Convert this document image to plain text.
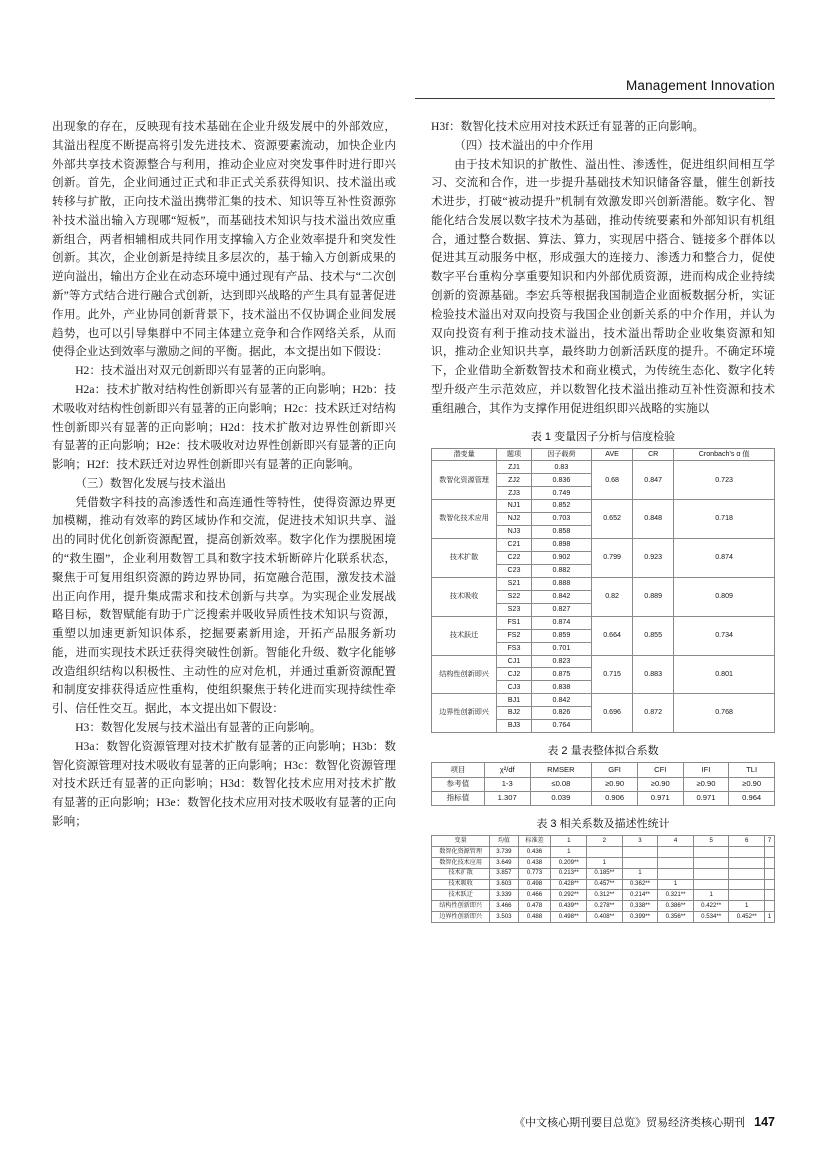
Management Innovation

出现象的存在，反映现有技术基础在企业升级发展中的外部效应，其溢出程度不断提高将引发先进技术、资源要素流动，加快企业内外部共享技术资源整合与利用，推动企业应对突发事件时进行即兴创新。首先，企业间通过正式和非正式关系获得知识、技术溢出或转移与扩散，正向技术溢出携带汇集的技术、知识等互补性资源弥补技术溢出输入方现哪“短板”，而基础技术知识与技术溢出效应重新组合，两者相辅相成共同作用支撑输入方企业效率提升和突发性创新。其次，企业创新是持续且多层次的，基于输入方创新成果的逆向溢出，输出方企业在动态环境中通过现有产品、技术与“二次创新”等方式结合进行融合式创新，达到即兴战略的产生具有显著促进作用。此外，产业协同创新背景下，技术溢出不仅协调企业间发展趋势，也可以引导集群中不同主体建立竞争和合作网络关系，从而使得企业达到效率与激励之间的平衡。据此，本文提出如下假设：

H2：技术溢出对双元创新即兴有显著的正向影响。

H2a：技术扩散对结构性创新即兴有显著的正向影响；H2b：技术吸收对结构性创新即兴有显著的正向影响；H2c：技术跃迁对结构性创新即兴有显著的正向影响；H2d：技术扩散对边界性创新即兴有显著的正向影响；H2e：技术吸收对边界性创新即兴有显著的正向影响；H2f：技术跃迁对边界性创新即兴有显著的正向影响。

（三）数智化发展与技术溢出

凭借数字科技的高渗透性和高连通性等特性，使得资源边界更加模糊，推动有效率的跨区域协作和交流，促进技术知识共享、溢出的同时优化创新资源配置，提高创新效率。数字化作为摆脱困境的“救生圈”，企业利用数智工具和数字技术斩断碎片化联系状态，聚焦于可复用组织资源的跨边界协同，拓宽融合范围，激发技术溢出正向作用，提升集成需求和技术创新与共享。为实现企业发展战略目标，数智赋能有助于广泛搜索并吸收异质性技术知识与资源，重塑以加速更新知识体系，挖掘要素新用途，开拓产品服务新功能，进而实现技术跃迁获得突破性创新。智能化升级、数字化能够改造组织结构以积极性、主动性的应对危机，并通过重新资源配置和制度安排获得适应性重构，使组织聚焦于转化进而实现持续性牵引、信任性交互。据此，本文提出如下假设：

H3：数智化发展与技术溢出有显著的正向影响。

H3a：数智化资源管理对技术扩散有显著的正向影响；H3b：数智化资源管理对技术吸收有显著的正向影响；H3c：数智化资源管理对技术跃迁有显著的正向影响；H3d：数智化技术应用对技术扩散有显著的正向影响；H3e：数智化技术应用对技术吸收有显著的正向影响；

H3f：数智化技术应用对技术跃迁有显著的正向影响。

（四）技术溢出的中介作用

由于技术知识的扩散性、溢出性、渗透性，促进组织间相互学习、交流和合作，进一步提升基础技术知识储备容量，催生创新技术进步，打破“被动提升”机制有效激发即兴创新潜能。数字化、智能化结合发展以数字技术为基础，推动传统要素和外部知识有机组合，通过整合数据、算法、算力，实现居中搭合、链接多个群体以促进其互动服务中枢，形成强大的连接力、渗透力和整合力，促使数字平台重构分享重要知识和内外部优质资源，进而构成企业持续创新的资源基础。李宏兵等根据我国制造企业面板数据分析，实证检验技术溢出对双向投资与我国企业创新关系的中介作用，并认为双向投资有利于推动技术溢出，技术溢出帮助企业收集资源和知识，推动企业知识共享，最终助力创新活跃度的提升。不确定环境下，企业借助全新数智技术和商业模式，为传统生态化、数字化转型升级产生示范效应，并以数智化技术溢出推动互补性资源和技术重组融合，其作为支撑作用促进组织即兴战略的实施以

表 1 变量因子分析与信度检验
潜变量	题项	因子载荷	AVE	CR	Cronbach's α 值
数智化资源管理	ZJ1	0.83	0.68	0.847	0.723
	ZJ2	0.836			
	ZJ3	0.749			
数智化技术应用	NJ1	0.852	0.652	0.848	0.718
	NJ2	0.703			
	NJ3	0.858			
技术扩散	C21	0.898	0.799	0.923	0.874
	C22	0.902			
	C23	0.882			
技术吸收	S21	0.888	0.82	0.889	0.809
	S22	0.842			
	S23	0.827			
技术跃迁	FS1	0.874	0.664	0.855	0.734
	FS2	0.859			
	FS3	0.701			
结构性创新即兴	CJ1	0.823	0.715	0.883	0.801
	CJ2	0.875			
	CJ3	0.838			
边界性创新即兴	BJ1	0.842	0.696	0.872	0.768
	BJ2	0.826			
	BJ3	0.764			
表 2 量表整体拟合系数
项目	χ²/df	RMSER	GFI	CFI	IFI	TLI
参考值	1-3	≤0.08	≥0.90	≥0.90	≥0.90	≥0.90
指标值	1.307	0.039	0.906	0.971	0.971	0.964
表 3 相关系数及描述性统计
变量	均值	标准差	1	2	3	4	5	6	7
数智化资源管理	3.739	0.436	1						
数智化技术应用	3.649	0.438	0.209**	1					
技术扩散	3.857	0.773	0.213**	0.185**	1				
技术吸收	3.603	0.498	0.428**	0.457**	0.362**	1			
技术跃迁	3.339	0.466	0.292**	0.312**	0.214**	0.321**	1		
结构性创新即兴	3.466	0.478	0.439**	0.278**	0.338**	0.386**	0.422**	1	
边界性创新即兴	3.503	0.488	0.498**	0.408**	0.399**	0.356**	0.534**	0.452**	1
《中文核心期刊要目总览》贸易经济类核心期刊 147
